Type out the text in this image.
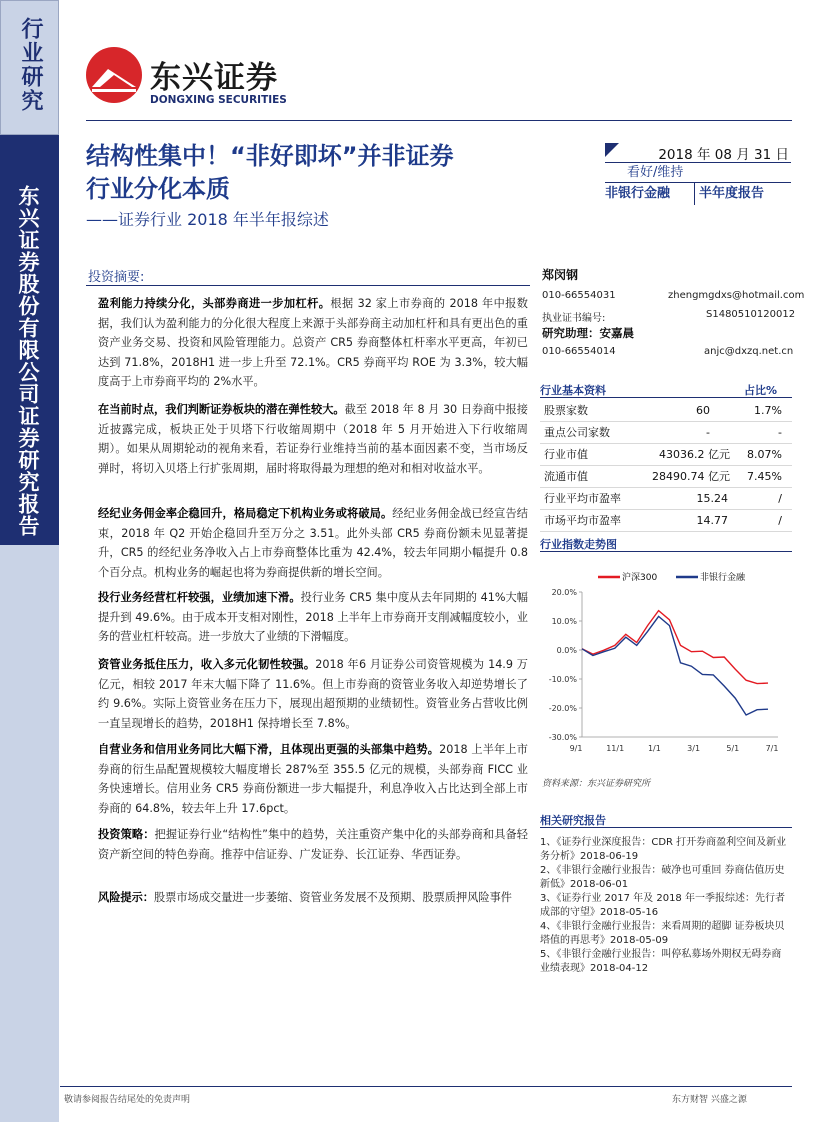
行业研究
东兴证券股份有限公司证券研究报告
东兴证券
DONGXING SECURITIES
结构性集中！“非好即坏”并非证券
行业分化本质
——证券行业 2018 年半年报综述
2018 年 08 月 31 日
看好/维持
非银行金融	半年度报告
投资摘要:
盈利能力持续分化，头部券商进一步加杠杆。根据 32 家上市券商的 2018 年中报数据，我们认为盈利能力的分化很大程度上来源于头部券商主动加杠杆和具有更出色的重资产业务交易、投资和风险管理能力。总资产 CR5 券商整体杠杆率水平更高，年初已达到 71.8%，2018H1 进一步上升至 72.1%。CR5 券商平均 ROE 为 3.3%，较大幅度高于上市券商平均的 2%水平。
在当前时点，我们判断证券板块的潜在弹性较大。截至 2018 年 8 月 30 日券商中报接近披露完成，板块正处于贝塔下行收缩周期中（2018 年 5 月开始进入下行收缩周期）。如果从周期轮动的视角来看，若证券行业维持当前的基本面因素不变，当市场反弹时，将切入贝塔上行扩张周期，届时将取得最为理想的绝对和相对收益水平。
经纪业务佣金率企稳回升，格局稳定下机构业务或将破局。经纪业务佣金战已经宣告结束，2018 年 Q2 开始企稳回升至万分之 3.51。此外头部 CR5 券商份额未见显著提升，CR5 的经纪业务净收入占上市券商整体比重为 42.4%，较去年同期小幅提升 0.8 个百分点。机构业务的崛起也将为券商提供新的增长空间。
投行业务经营杠杆较强，业绩加速下滑。投行业务 CR5 集中度从去年同期的 41%大幅提升到 49.6%。由于成本开支相对刚性，2018 上半年上市券商开支削减幅度较小，业务的营业杠杆较高。进一步放大了业绩的下滑幅度。
资管业务抵住压力，收入多元化韧性较强。2018 年6 月证券公司资管规模为 14.9 万亿元，相较 2017 年末大幅下降了 11.6%。但上市券商的资管业务收入却逆势增长了约 9.6%。实际上资管业务在压力下，展现出超预期的业绩韧性。资管业务占营收比例一直呈现增长的趋势，2018H1 保持增长至 7.8%。
自营业务和信用业务同比大幅下滑，且体现出更强的头部集中趋势。2018 上半年上市券商的衍生品配置规模较大幅度增长 287%至 355.5 亿元的规模，头部券商 FICC 业务快速增长。信用业务 CR5 券商份额进一步大幅提升，利息净收入占比达到全部上市券商的 64.8%，较去年上升 17.6pct。
投资策略：把握证券行业“结构性”集中的趋势，关注重资产集中化的头部券商和具备轻资产新空间的特色券商。推荐中信证券、广发证券、长江证券、华西证券。
风险提示：股票市场成交量进一步萎缩、资管业务发展不及预期、股票质押风险事件
郑闵钢
010-66554031	zhengmgdxs@hotmail.com
执业证书编号:	S1480510120012
研究助理：安嘉晨
010-66554014	anjc@dxzq.net.cn
行业基本资料	占比%
股票家数	60	1.7%
重点公司家数	-	-
行业市值	43036.2 亿元 8.07%
流通市值	28490.74 亿元 7.45%
行业平均市盈率	15.24	/
市场平均市盈率	14.77	/
行业指数走势图
沪深300	非银行金融
20.0%
10.0%
0.0%
-10.0%
-20.0%
-30.0%
9/1	11/1	1/1	3/1	5/1	7/1
资料来源：东兴证券研究所
相关研究报告
1、《证券行业深度报告：CDR 打开券商盈利空间及新业务分析》2018-06-19
2、《非银行金融行业报告：破净也可重回 券商估值历史新低》2018-06-01
3、《证券行业 2017 年及 2018 年一季报综述：先行者成部的守望》2018-05-16
4、《非银行金融行业报告：来看周期的超脚 证券板块贝塔值的再思考》2018-05-09
5、《非银行金融行业报告：叫停私募场外期权无碍券商业绩表现》2018-04-12
敬请参阅报告结尾处的免责声明	东方财智 兴盛之源
